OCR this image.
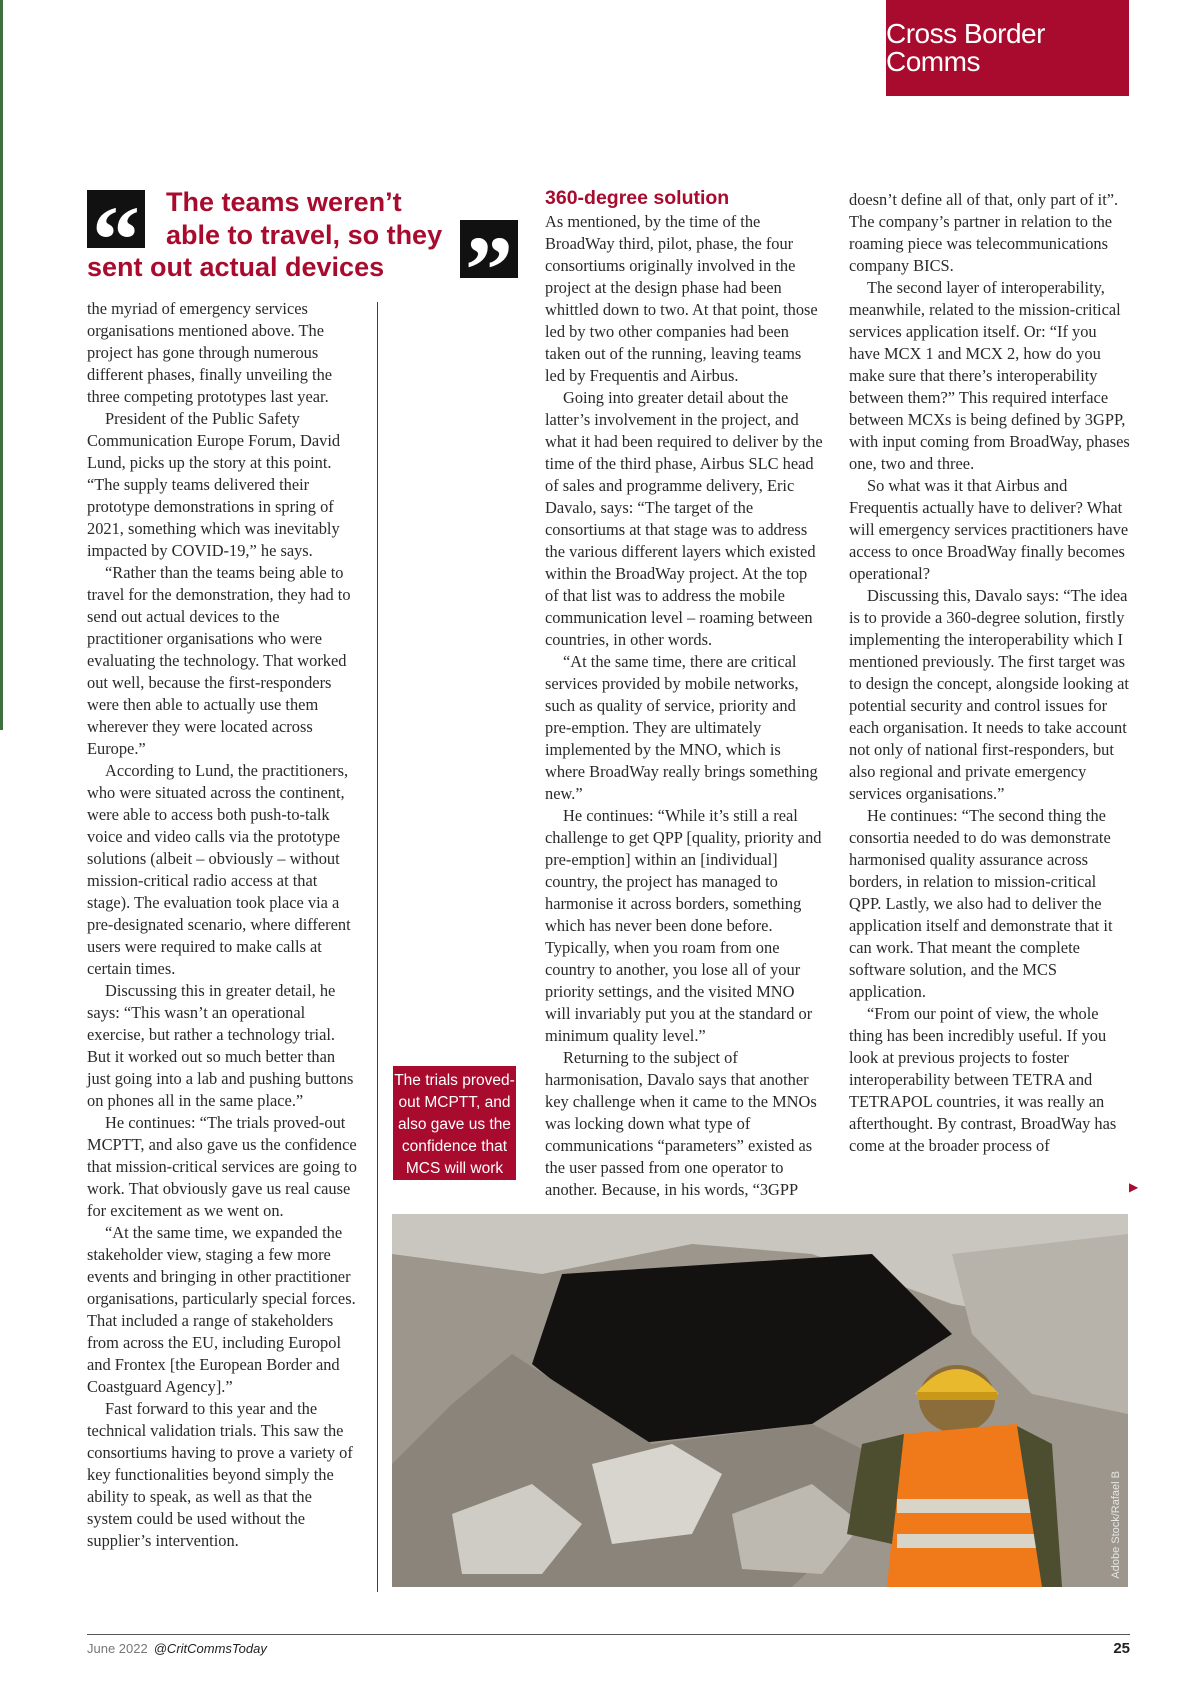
Cross Border Comms
“ The teams weren’t
able to travel, so they
sent out actual devices ”

the myriad of emergency services organisations mentioned above. The project has gone through numerous different phases, finally unveiling the three competing prototypes last year.

President of the Public Safety Communication Europe Forum, David Lund, picks up the story at this point. “The supply teams delivered their prototype demonstrations in spring of 2021, something which was inevitably impacted by COVID-19,” he says.

“Rather than the teams being able to travel for the demonstration, they had to send out actual devices to the practitioner organisations who were evaluating the technology. That worked out well, because the first-responders were then able to actually use them wherever they were located across Europe.”

According to Lund, the practitioners, who were situated across the continent, were able to access both push-to-talk voice and video calls via the prototype solutions (albeit – obviously – without mission-critical radio access at that stage). The evaluation took place via a pre-designated scenario, where different users were required to make calls at certain times.

Discussing this in greater detail, he says: “This wasn’t an operational exercise, but rather a technology trial. But it worked out so much better than just going into a lab and pushing buttons on phones all in the same place.”

He continues: “The trials proved-out MCPTT, and also gave us the confidence that mission-critical services are going to work. That obviously gave us real cause for excitement as we went on.

“At the same time, we expanded the stakeholder view, staging a few more events and bringing in other practitioner organisations, particularly special forces. That included a range of stakeholders from across the EU, including Europol and Frontex [the European Border and Coastguard Agency].”

Fast forward to this year and the technical validation trials. This saw the consortiums having to prove a variety of key functionalities beyond simply the ability to speak, as well as that the system could be used without the supplier’s intervention.

The trials proved-out MCPTT, and also gave us the confidence that MCS will work
360-degree solution

As mentioned, by the time of the BroadWay third, pilot, phase, the four consortiums originally involved in the project at the design phase had been whittled down to two. At that point, those led by two other companies had been taken out of the running, leaving teams led by Frequentis and Airbus.

Going into greater detail about the latter’s involvement in the project, and what it had been required to deliver by the time of the third phase, Airbus SLC head of sales and programme delivery, Eric Davalo, says: “The target of the consortiums at that stage was to address the various different layers which existed within the BroadWay project. At the top of that list was to address the mobile communication level – roaming between countries, in other words.

“At the same time, there are critical services provided by mobile networks, such as quality of service, priority and pre-emption. They are ultimately implemented by the MNO, which is where BroadWay really brings something new.”

He continues: “While it’s still a real challenge to get QPP [quality, priority and pre-emption] within an [individual] country, the project has managed to harmonise it across borders, something which has never been done before. Typically, when you roam from one country to another, you lose all of your priority settings, and the visited MNO will invariably put you at the standard or minimum quality level.”

Returning to the subject of harmonisation, Davalo says that another key challenge when it came to the MNOs was locking down what type of communications “parameters” existed as the user passed from one operator to another. Because, in his words, “3GPP

doesn’t define all of that, only part of it”. The company’s partner in relation to the roaming piece was telecommunications company BICS.

The second layer of interoperability, meanwhile, related to the mission-critical services application itself. Or: “If you have MCX 1 and MCX 2, how do you make sure that there’s interoperability between them?” This required interface between MCXs is being defined by 3GPP, with input coming from BroadWay, phases one, two and three.

So what was it that Airbus and Frequentis actually have to deliver? What will emergency services practitioners have access to once BroadWay finally becomes operational?

Discussing this, Davalo says: “The idea is to provide a 360-degree solution, firstly implementing the interoperability which I mentioned previously. The first target was to design the concept, alongside looking at potential security and control issues for each organisation. It needs to take account not only of national first-responders, but also regional and private emergency services organisations.”

He continues: “The second thing the consortia needed to do was demonstrate harmonised quality assurance across borders, in relation to mission-critical QPP. Lastly, we also had to deliver the application itself and demonstrate that it can work. That meant the complete software solution, and the MCS application.

“From our point of view, the whole thing has been incredibly useful. If you look at previous projects to foster interoperability between TETRA and TETRAPOL countries, it was really an afterthought. By contrast, BroadWay has come at the broader process of

▶
Adobe Stock/Rafael B
June 2022 @CritCommsToday	25
